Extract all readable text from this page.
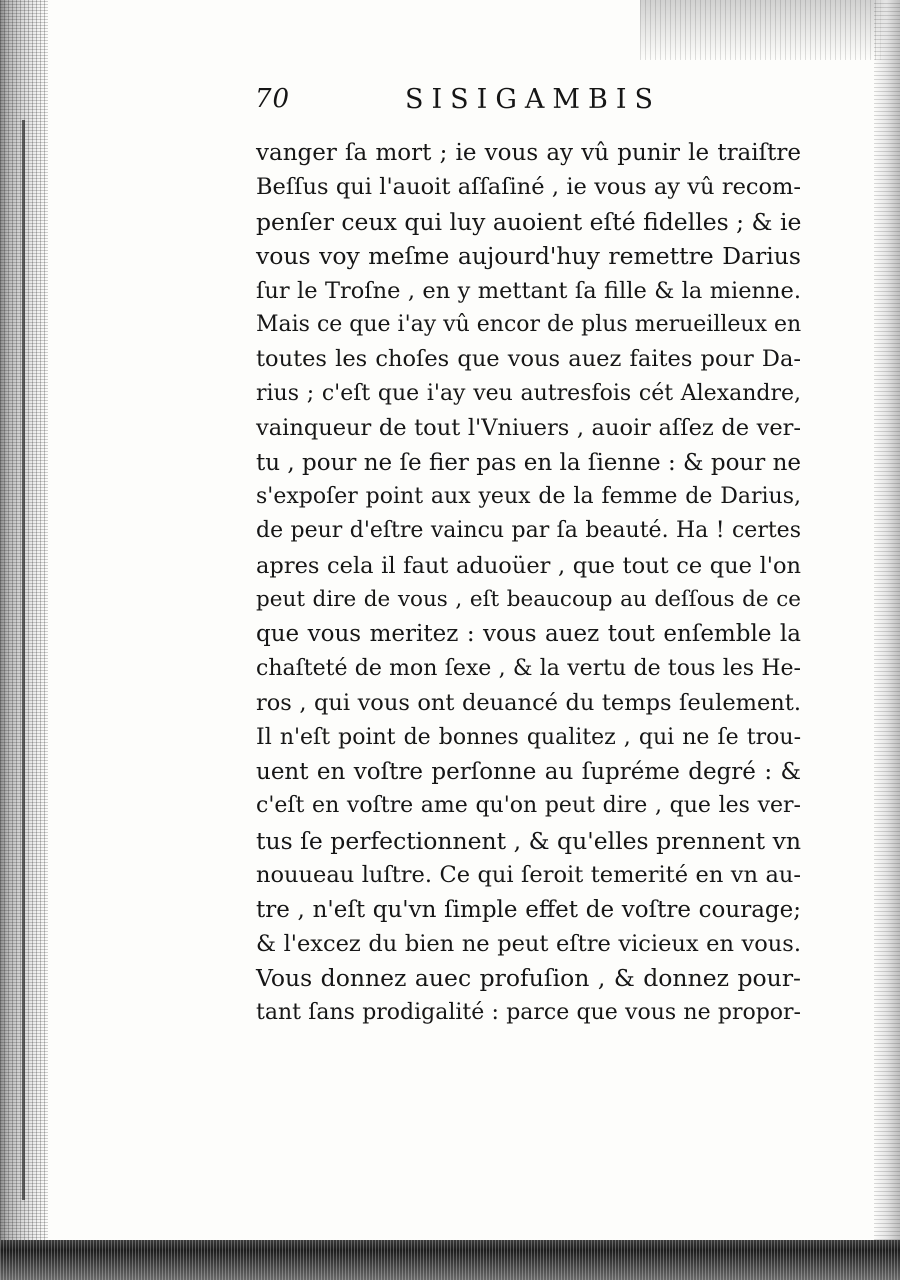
70	SISIGAMBIS
vanger ſa mort ; ie vous ay vû punir le traiſtre
Beſſus qui l'auoit aſſaſiné , ie vous ay vû recom-
penſer ceux qui luy auoient eſté fidelles ; & ie
vous voy meſme aujourd'huy remettre Darius
ſur le Troſne , en y mettant ſa fille & la mienne.
Mais ce que i'ay vû encor de plus merueilleux en
toutes les choſes que vous auez faites pour Da-
rius ; c'eſt que i'ay veu autresfois cét Alexandre,
vainqueur de tout l'Vniuers , auoir aſſez de ver-
tu , pour ne ſe fier pas en la ſienne : & pour ne
s'expoſer point aux yeux de la femme de Darius,
de peur d'eſtre vaincu par ſa beauté. Ha ! certes
apres cela il faut aduoüer , que tout ce que l'on
peut dire de vous , eſt beaucoup au deſſous de ce
que vous meritez : vous auez tout enſemble la
chaſteté de mon ſexe , & la vertu de tous les He-
ros , qui vous ont deuancé du temps ſeulement.
Il n'eſt point de bonnes qualitez , qui ne ſe trou-
uent en voſtre perſonne au ſupréme degré : &
c'eſt en voſtre ame qu'on peut dire , que les ver-
tus ſe perfectionnent , & qu'elles prennent vn
nouueau luſtre. Ce qui ſeroit temerité en vn au-
tre , n'eſt qu'vn ſimple effet de voſtre courage;
& l'excez du bien ne peut eſtre vicieux en vous.
Vous donnez auec profuſion , & donnez pour-
tant ſans prodigalité : parce que vous ne propor-
